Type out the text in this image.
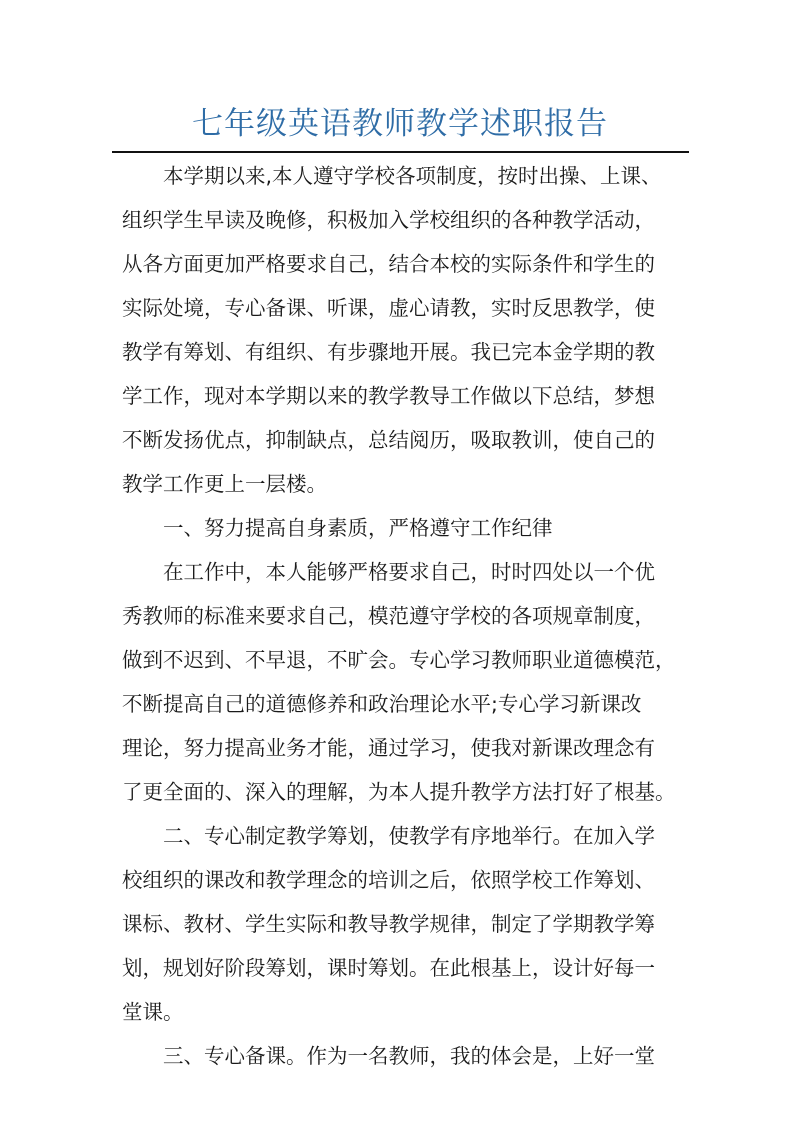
七年级英语教师教学述职报告
本学期以来,本人遵守学校各项制度，按时出操、上课、
组织学生早读及晚修，积极加入学校组织的各种教学活动，
从各方面更加严格要求自己，结合本校的实际条件和学生的
实际处境，专心备课、听课，虚心请教，实时反思教学，使
教学有筹划、有组织、有步骤地开展。我已完本金学期的教
学工作，现对本学期以来的教学教导工作做以下总结，梦想
不断发扬优点，抑制缺点，总结阅历，吸取教训，使自己的
教学工作更上一层楼。
一、努力提高自身素质，严格遵守工作纪律
在工作中，本人能够严格要求自己，时时四处以一个优
秀教师的标准来要求自己，模范遵守学校的各项规章制度，
做到不迟到、不早退，不旷会。专心学习教师职业道德模范，
不断提高自己的道德修养和政治理论水平;专心学习新课改
理论，努力提高业务才能，通过学习，使我对新课改理念有
了更全面的、深入的理解，为本人提升教学方法打好了根基。
二、专心制定教学筹划，使教学有序地举行。在加入学
校组织的课改和教学理念的培训之后，依照学校工作筹划、
课标、教材、学生实际和教导教学规律，制定了学期教学筹
划，规划好阶段筹划，课时筹划。在此根基上，设计好每一
堂课。
三、专心备课。作为一名教师，我的体会是，上好一堂
